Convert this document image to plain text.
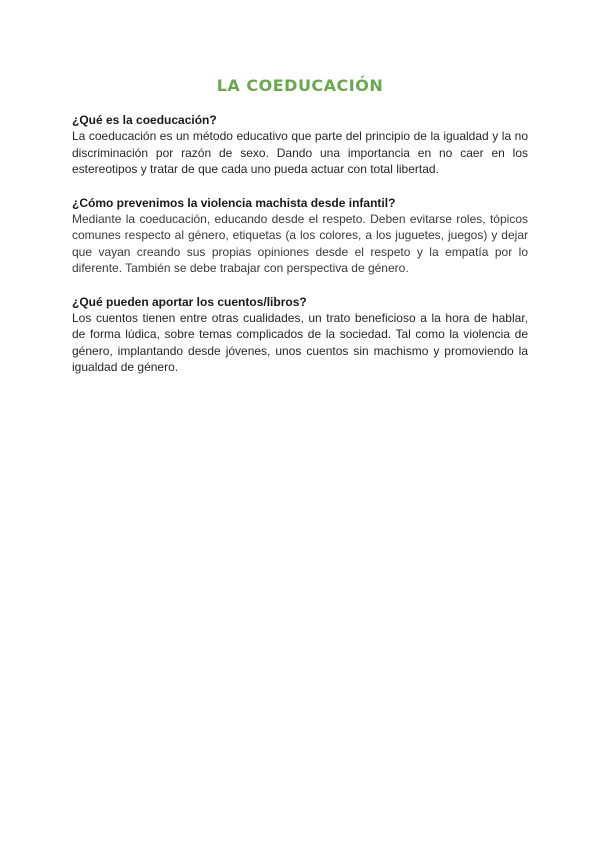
LA COEDUCACIÓN

¿Qué es la coeducación?

La coeducación es un método educativo que parte del principio de la igualdad y la no discriminación por razón de sexo. Dando una importancia en no caer en los estereotipos y tratar de que cada uno pueda actuar con total libertad.

¿Cómo prevenimos la violencia machista desde infantil?

Mediante la coeducación, educando desde el respeto. Deben evitarse roles, tópicos comunes respecto al género, etiquetas (a los colores, a los juguetes, juegos) y dejar que vayan creando sus propias opiniones desde el respeto y la empatía por lo diferente. También se debe trabajar con perspectiva de género.

¿Qué pueden aportar los cuentos/libros?

Los cuentos tienen entre otras cualidades, un trato beneficioso a la hora de hablar, de forma lúdica, sobre temas complicados de la sociedad. Tal como la violencia de género, implantando desde jóvenes, unos cuentos sin machismo y promoviendo la igualdad de género.
